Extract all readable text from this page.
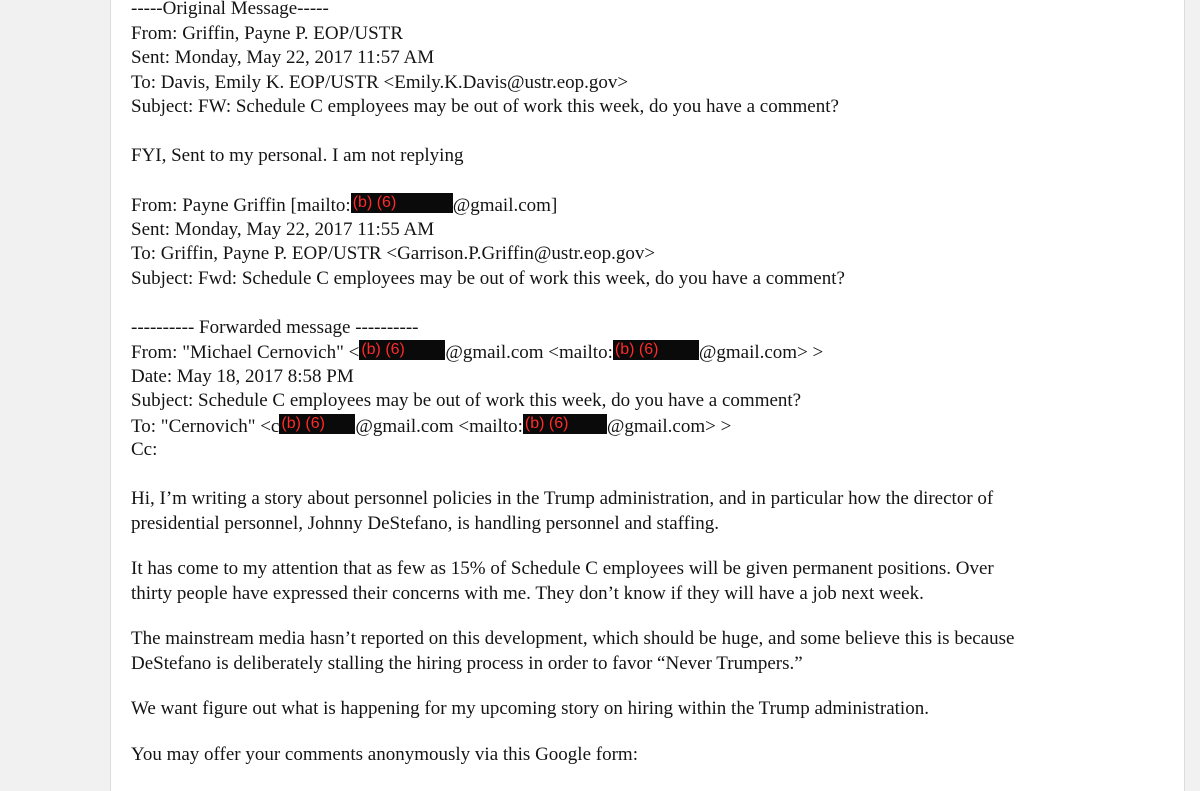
-----Original Message-----
From: Griffin, Payne P. EOP/USTR
Sent: Monday, May 22, 2017 11:57 AM
To: Davis, Emily K. EOP/USTR <Emily.K.Davis@ustr.eop.gov>
Subject: FW: Schedule C employees may be out of work this week, do you have a comment?
FYI, Sent to my personal. I am not replying
From: Payne Griffin [mailto: (b) (6)	@gmail.com]
Sent: Monday, May 22, 2017 11:55 AM
To: Griffin, Payne P. EOP/USTR <Garrison.P.Griffin@ustr.eop.gov>
Subject: Fwd: Schedule C employees may be out of work this week, do you have a comment?
---------- Forwarded message ----------
From: "Michael Cernovich" < (b) (6) @gmail.com <mailto: (b) (6) @gmail.com> >
Date: May 18, 2017 8:58 PM
Subject: Schedule C employees may be out of work this week, do you have a comment?
To: "Cernovich" <c (b) (6) @gmail.com <mailto: (b) (6) @gmail.com> >
Cc:
Hi, I’m writing a story about personnel policies in the Trump administration, and in particular how the director of
presidential personnel, Johnny DeStefano, is handling personnel and staffing.
It has come to my attention that as few as 15% of Schedule C employees will be given permanent positions. Over
thirty people have expressed their concerns with me. They don’t know if they will have a job next week.
The mainstream media hasn’t reported on this development, which should be huge, and some believe this is because
DeStefano is deliberately stalling the hiring process in order to favor “Never Trumpers.”
We want figure out what is happening for my upcoming story on hiring within the Trump administration.
You may offer your comments anonymously via this Google form:
